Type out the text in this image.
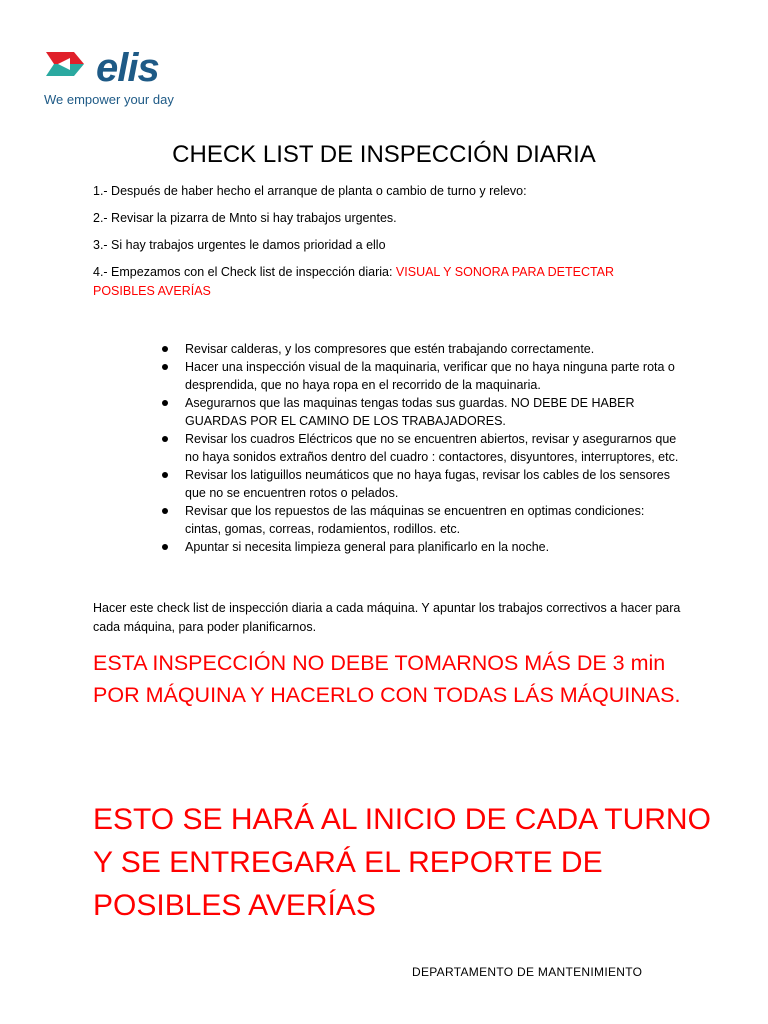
elis
We empower your day
CHECK LIST DE INSPECCIÓN DIARIA

1.- Después de haber hecho el arranque de planta o cambio de turno y relevo:

2.- Revisar la pizarra de Mnto si hay trabajos urgentes.

3.- Si hay trabajos urgentes le damos prioridad a ello

4.- Empezamos con el Check list de inspección diaria: VISUAL Y SONORA PARA DETECTAR POSIBLES AVERÍAS

Revisar calderas, y los compresores que estén trabajando correctamente.
Hacer una inspección visual de la maquinaria, verificar que no haya ninguna parte rota o desprendida, que no haya ropa en el recorrido de la maquinaria.
Asegurarnos que las maquinas tengas todas sus guardas. NO DEBE DE HABER GUARDAS POR EL CAMINO DE LOS TRABAJADORES.
Revisar los cuadros Eléctricos que no se encuentren abiertos, revisar y asegurarnos que no haya sonidos extraños dentro del cuadro : contactores, disyuntores, interruptores, etc.
Revisar los latiguillos neumáticos que no haya fugas, revisar los cables de los sensores que no se encuentren rotos o pelados.
Revisar que los repuestos de las máquinas se encuentren en optimas condiciones: cintas, gomas, correas, rodamientos, rodillos. etc.
Apuntar si necesita limpieza general para planificarlo en la noche.
Hacer este check list de inspección diaria a cada máquina. Y apuntar los trabajos correctivos a hacer para cada máquina, para poder planificarnos.
ESTA INSPECCIÓN NO DEBE TOMARNOS MÁS DE 3 min POR MÁQUINA Y HACERLO CON TODAS LÁS MÁQUINAS.
ESTO SE HARÁ AL INICIO DE CADA TURNO Y SE ENTREGARÁ EL REPORTE DE POSIBLES AVERÍAS
DEPARTAMENTO DE MANTENIMIENTO
